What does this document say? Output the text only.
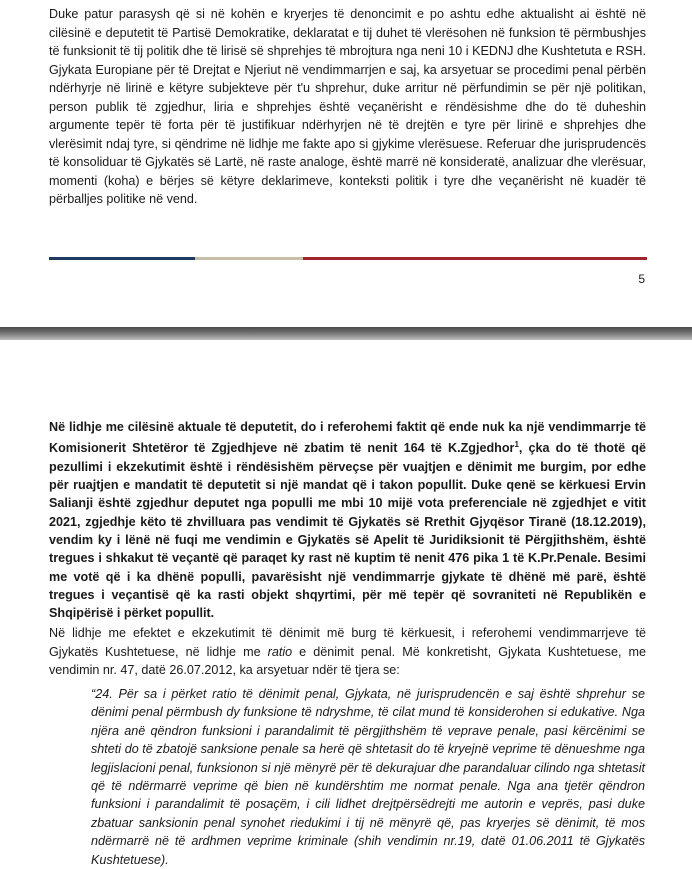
Duke patur parasysh që si në kohën e kryerjes të denoncimit e po ashtu edhe aktualisht ai është në cilësinë e deputetit të Partisë Demokratike, deklaratat e tij duhet të vlerësohen në funksion të përmbushjes të funksionit të tij politik dhe të lirisë së shprehjes të mbrojtura nga neni 10 i KEDNJ dhe Kushtetuta e RSH. Gjykata Europiane për të Drejtat e Njeriut në vendimmarrjen e saj, ka arsyetuar se procedimi penal përbën ndërhyrje në lirinë e këtyre subjekteve për t'u shprehur, duke arritur në përfundimin se për një politikan, person publik të zgjedhur, liria e shprehjes është veçanërisht e rëndësishme dhe do të duheshin argumente tepër të forta për të justifikuar ndërhyrjen në të drejtën e tyre për lirinë e shprehjes dhe vlerësimit ndaj tyre, si qëndrime në lidhje me fakte apo si gjykime vlerësuese. Referuar dhe jurisprudencës të konsoliduar të Gjykatës së Lartë, në raste analoge, është marrë në konsideratë, analizuar dhe vlerësuar, momenti (koha) e bërjes së këtyre deklarimeve, konteksti politik i tyre dhe veçanërisht në kuadër të përballjes politike në vend.

5

Në lidhje me cilësinë aktuale të deputetit, do i referohemi faktit që ende nuk ka një vendimmarrje të Komisionerit Shtetëror të Zgjedhjeve në zbatim të nenit 164 të K.Zgjedhor$^1$, çka do të thotë që pezullimi i ekzekutimit është i rëndësishëm përveçse për vuajtjen e dënimit me burgim, por edhe për ruajtjen e mandatit të deputetit si një mandat që i takon popullit. Duke qenë se kërkuesi Ervin Salianji është zgjedhur deputet nga populli me mbi 10 mijë vota preferenciale në zgjedhjet e vitit 2021, zgjedhje këto të zhvilluara pas vendimit të Gjykatës së Rrethit Gjyqësor Tiranë (18.12.2019), vendim ky i lënë në fuqi me vendimin e Gjykatës së Apelit të Juridiksionit të Përgjithshëm, është tregues i shkakut të veçantë që paraqet ky rast në kuptim të nenit 476 pika 1 të K.Pr.Penale. Besimi me votë që i ka dhënë populli, pavarësisht një vendimmarrje gjykate të dhënë më parë, është tregues i veçantisë që ka rasti objekt shqyrtimi, për më tepër që sovraniteti në Republikën e Shqipërisë i përket popullit.

Në lidhje me efektet e ekzekutimit të dënimit më burg të kërkuesit, i referohemi vendimmarrjeve të Gjykatës Kushtetuese, në lidhje me ratio e dënimit penal. Më konkretisht, Gjykata Kushtetuese, me vendimin nr. 47, datë 26.07.2012, ka arsyetuar ndër të tjera se:

“24. Për sa i përket ratio të dënimit penal, Gjykata, në jurisprudencën e saj është shprehur se dënimi penal përmbush dy funksione të ndryshme, të cilat mund të konsiderohen si edukative. Nga njëra anë qëndron funksioni i parandalimit të përgjithshëm të veprave penale, pasi kërcënimi se shteti do të zbatojë sanksione penale sa herë që shtetasit do të kryejnë veprime të dënueshme nga legjislacioni penal, funksionon si një mënyrë për të dekurajuar dhe parandaluar cilindo nga shtetasit që të ndërmarrë veprime që bien në kundërshtim me normat penale. Nga ana tjetër qëndron funksioni i parandalimit të posaçëm, i cili lidhet drejtpërsëdrejti me autorin e veprës, pasi duke zbatuar sanksionin penal synohet riedukimi i tij në mënyrë që, pas kryerjes së dënimit, të mos ndërmarrë në të ardhmen veprime kriminale (shih vendimin nr.19, datë 01.06.2011 të Gjykatës Kushtetuese).
